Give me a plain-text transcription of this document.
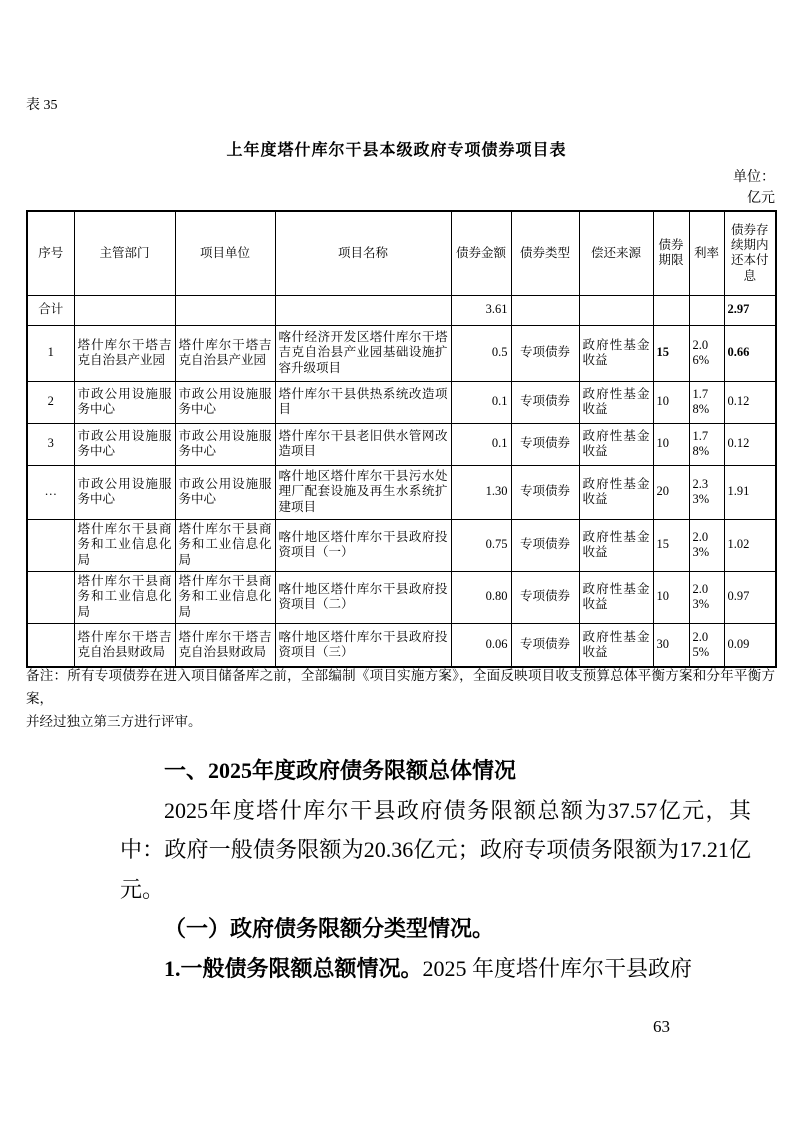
表 35
上年度塔什库尔干县本级政府专项债券项目表
单位：
亿元
序号	主管部门	项目单位	项目名称	债券金额	债券类型	偿还来源	债券期限	利率	债券存续期内还本付息
合计				3.61					2.97
1	塔什库尔干塔吉克自治县产业园	塔什库尔干塔吉克自治县产业园	喀什经济开发区塔什库尔干塔吉克自治县产业园基础设施扩容升级项目	0.5	专项债券	政府性基金收益	15	2.06%	0.66
2	市政公用设施服务中心	市政公用设施服务中心	塔什库尔干县供热系统改造项目	0.1	专项债券	政府性基金收益	10	1.78%	0.12
3	市政公用设施服务中心	市政公用设施服务中心	塔什库尔干县老旧供水管网改造项目	0.1	专项债券	政府性基金收益	10	1.78%	0.12
…	市政公用设施服务中心	市政公用设施服务中心	喀什地区塔什库尔干县污水处理厂配套设施及再生水系统扩建项目	1.30	专项债券	政府性基金收益	20	2.33%	1.91
	塔什库尔干县商务和工业信息化局	塔什库尔干县商务和工业信息化局	喀什地区塔什库尔干县政府投资项目（一）	0.75	专项债券	政府性基金收益	15	2.03%	1.02
	塔什库尔干县商务和工业信息化局	塔什库尔干县商务和工业信息化局	喀什地区塔什库尔干县政府投资项目（二）	0.80	专项债券	政府性基金收益	10	2.03%	0.97
	塔什库尔干塔吉克自治县财政局	塔什库尔干塔吉克自治县财政局	喀什地区塔什库尔干县政府投资项目（三）	0.06	专项债券	政府性基金收益	30	2.05%	0.09
备注：所有专项债券在进入项目储备库之前，全部编制《项目实施方案》，全面反映项目收支预算总体平衡方案和分年平衡方案，
并经过独立第三方进行评审。
一、2025年度政府债务限额总体情况
2025年度塔什库尔干县政府债务限额总额为37.57亿元，其中：政府一般债务限额为20.36亿元；政府专项债务限额为17.21亿元。
（一）政府债务限额分类型情况。
1.一般债务限额总额情况。2025 年度塔什库尔干县政府
63
